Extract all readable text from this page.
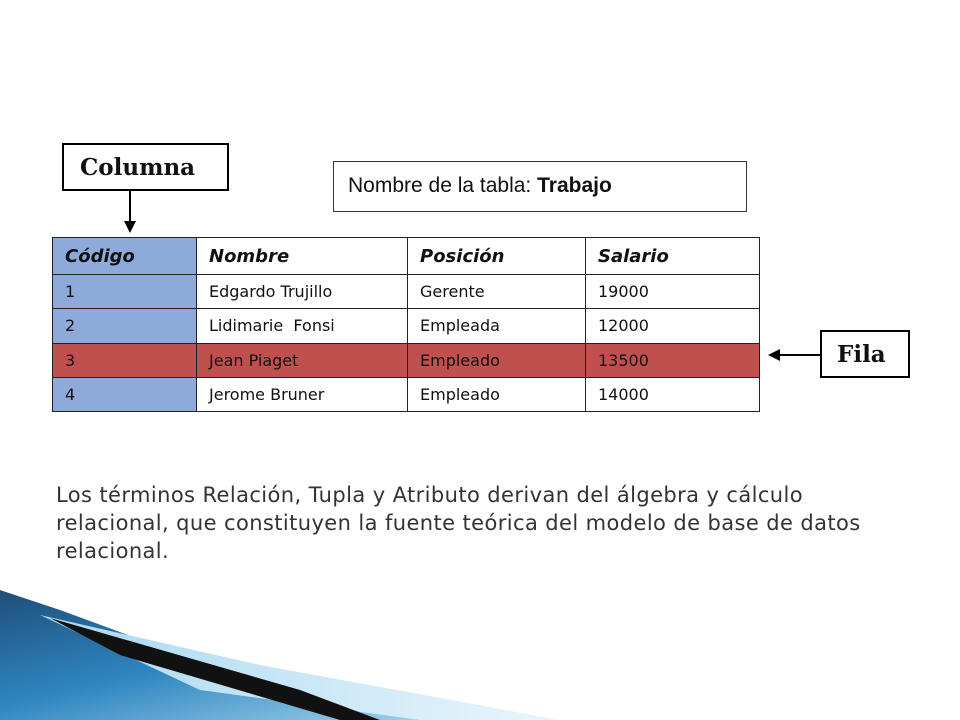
Columna
Nombre de la tabla: Trabajo
Código	Nombre	Posición	Salario
1	Edgardo Trujillo	Gerente	19000
2	Lidimarie  Fonsi	Empleada	12000
3	Jean Piaget	Empleado	13500
4	Jerome Bruner	Empleado	14000
Fila

Los términos Relación, Tupla y Atributo derivan del álgebra y cálculo relacional, que constituyen la fuente teórica del modelo de base de datos relacional.
